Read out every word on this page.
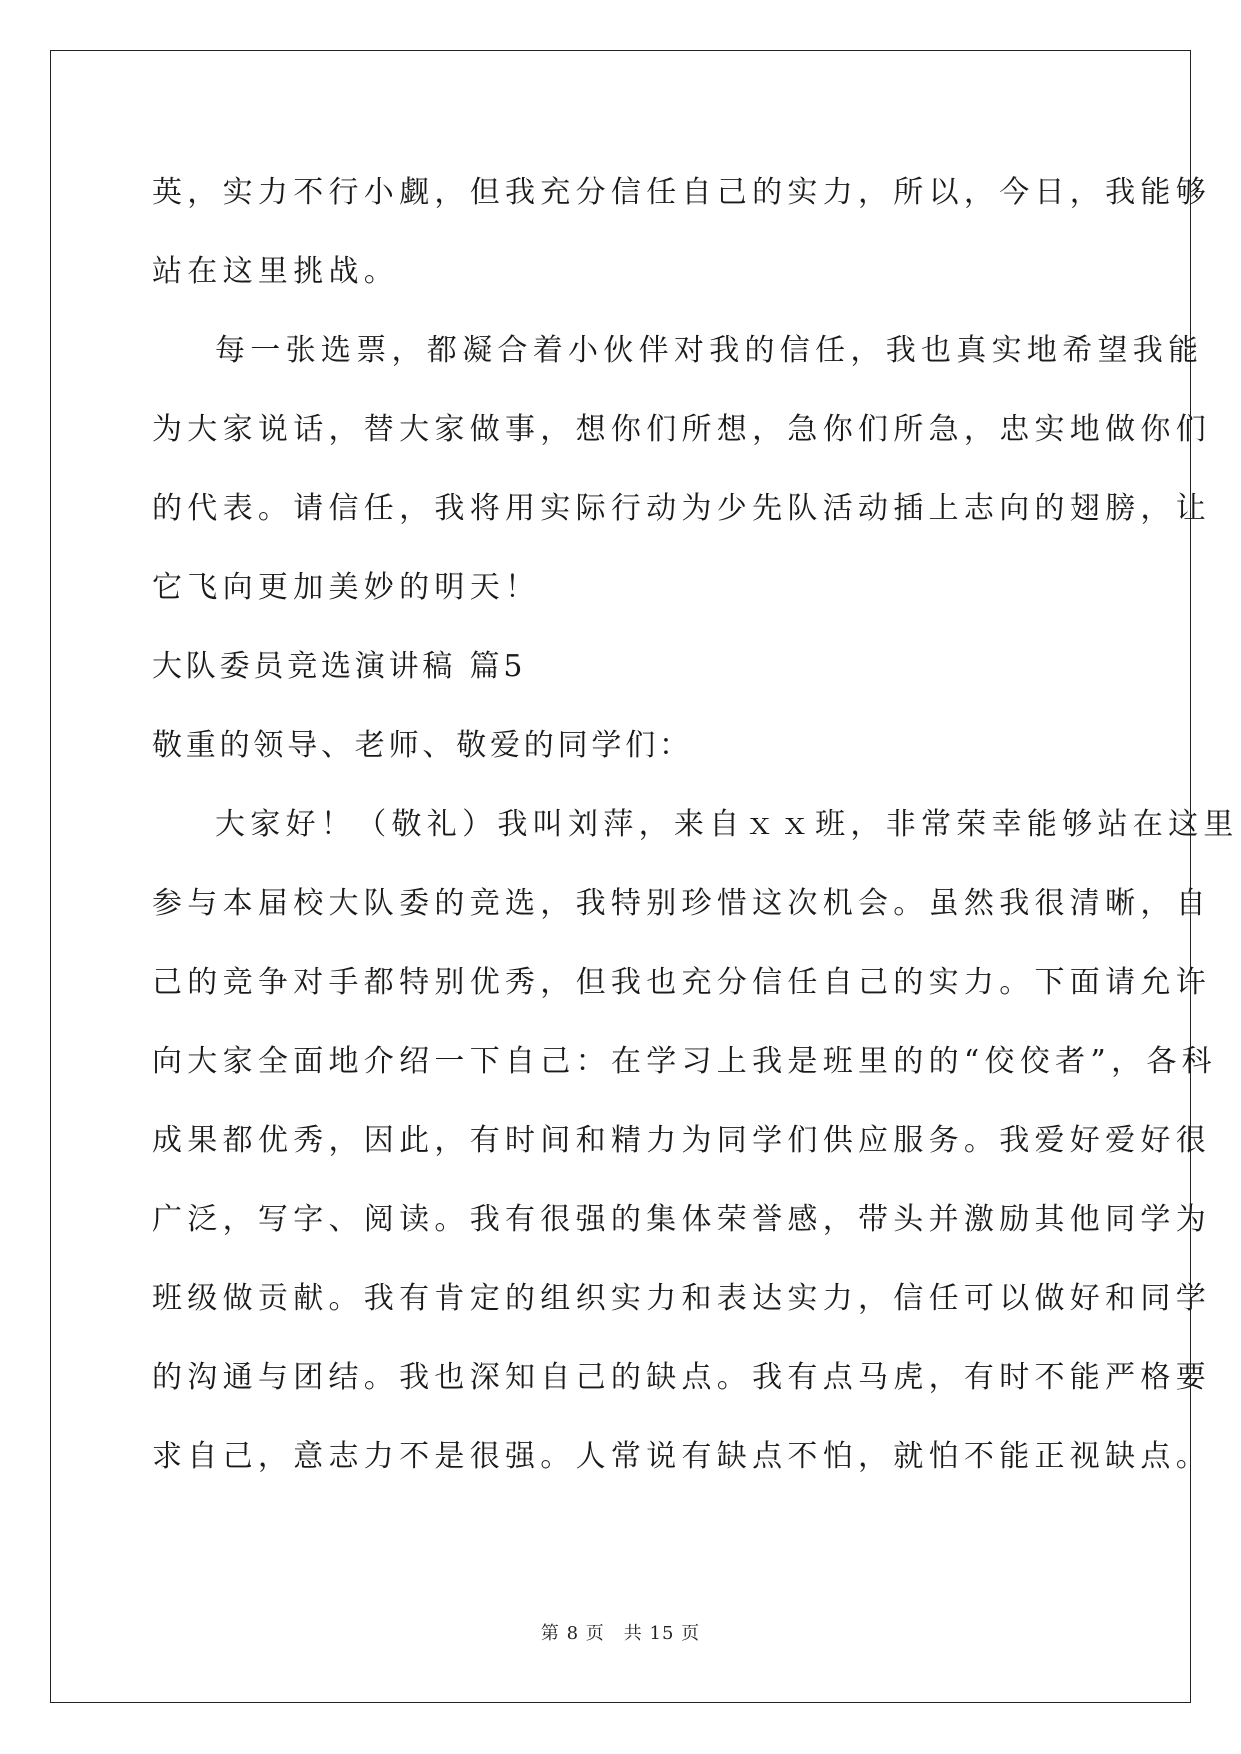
英，实力不行小觑，但我充分信任自己的实力，所以，今日，我能够
站在这里挑战。
每一张选票，都凝合着小伙伴对我的信任，我也真实地希望我能
为大家说话，替大家做事，想你们所想，急你们所急，忠实地做你们
的代表。请信任，我将用实际行动为少先队活动插上志向的翅膀，让
它飞向更加美妙的明天！
大队委员竞选演讲稿 篇5
敬重的领导、老师、敬爱的同学们：
大家好！（敬礼）我叫刘萍，来自ｘｘ班，非常荣幸能够站在这里
参与本届校大队委的竞选，我特别珍惜这次机会。虽然我很清晰，自
己的竞争对手都特别优秀，但我也充分信任自己的实力。下面请允许
向大家全面地介绍一下自己：在学习上我是班里的的“佼佼者”，各科
成果都优秀，因此，有时间和精力为同学们供应服务。我爱好爱好很
广泛，写字、阅读。我有很强的集体荣誉感，带头并激励其他同学为
班级做贡献。我有肯定的组织实力和表达实力，信任可以做好和同学
的沟通与团结。我也深知自己的缺点。我有点马虎，有时不能严格要
求自己，意志力不是很强。人常说有缺点不怕，就怕不能正视缺点。
第 8 页　共 15 页
